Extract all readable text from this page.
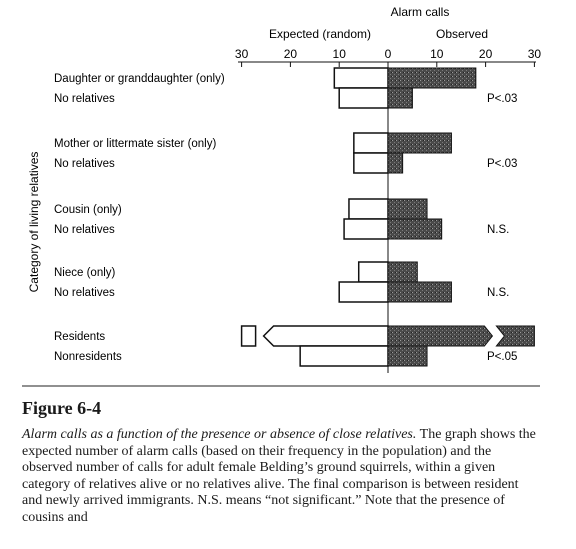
Alarm calls
Expected (random)	Observed
30	20	10	0	10	20	30
Category of living relatives
Daughter or granddaughter (only)
No relatives
Mother or littermate sister (only)
No relatives
Cousin (only)
No relatives
Niece (only)
No relatives
Residents
Nonresidents
P<.03
P<.03
N.S.
N.S.
P<.05

Figure 6-4

Alarm calls as a function of the presence or absence of close relatives. The graph shows the expected number of alarm calls (based on their frequency in the population) and the observed number of calls for adult female Belding’s ground squirrels, within a given category of relatives alive or no relatives alive. The final comparison is between resident and newly arrived immigrants. N.S. means “not significant.” Note that the presence of cousins and
